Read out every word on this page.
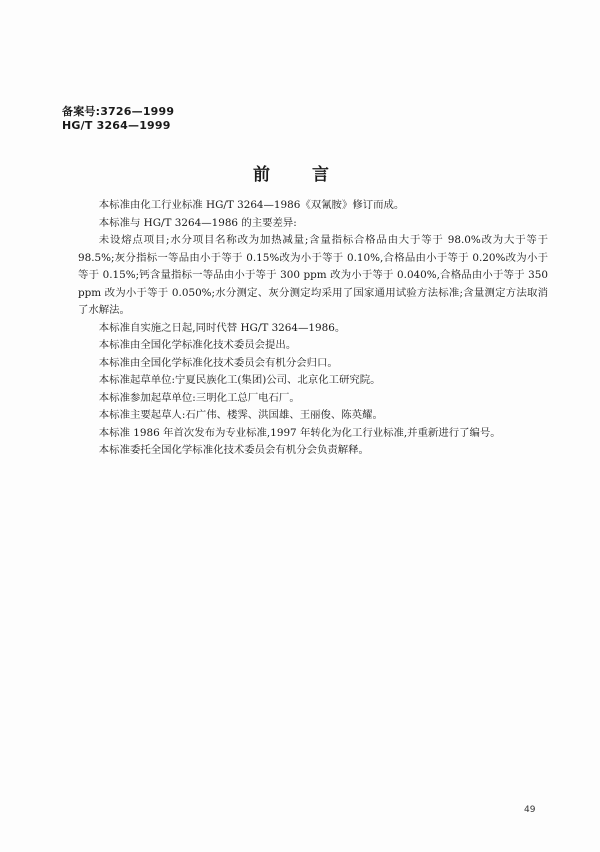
备案号:3726—1999
HG/T 3264—1999
前 言

本标准由化工行业标准 HG/T 3264—1986《双氰胺》修订而成。

本标准与 HG/T 3264—1986 的主要差异:

未设熔点项目;水分项目名称改为加热减量;含量指标合格品由大于等于 98.0%改为大于等于 98.5%;灰分指标一等品由小于等于 0.15%改为小于等于 0.10%,合格品由小于等于 0.20%改为小于等于 0.15%;钙含量指标一等品由小于等于 300 ppm 改为小于等于 0.040%,合格品由小于等于 350 ppm 改为小于等于 0.050%;水分测定、灰分测定均采用了国家通用试验方法标准;含量测定方法取消了水解法。

本标准自实施之日起,同时代替 HG/T 3264—1986。

本标准由全国化学标准化技术委员会提出。

本标准由全国化学标准化技术委员会有机分会归口。

本标准起草单位:宁夏民族化工(集团)公司、北京化工研究院。

本标准参加起草单位:三明化工总厂电石厂。

本标准主要起草人:石广伟、楼霁、洪国雄、王丽俊、陈英耀。

本标准 1986 年首次发布为专业标准,1997 年转化为化工行业标准,并重新进行了编号。

本标准委托全国化学标准化技术委员会有机分会负责解释。

49
